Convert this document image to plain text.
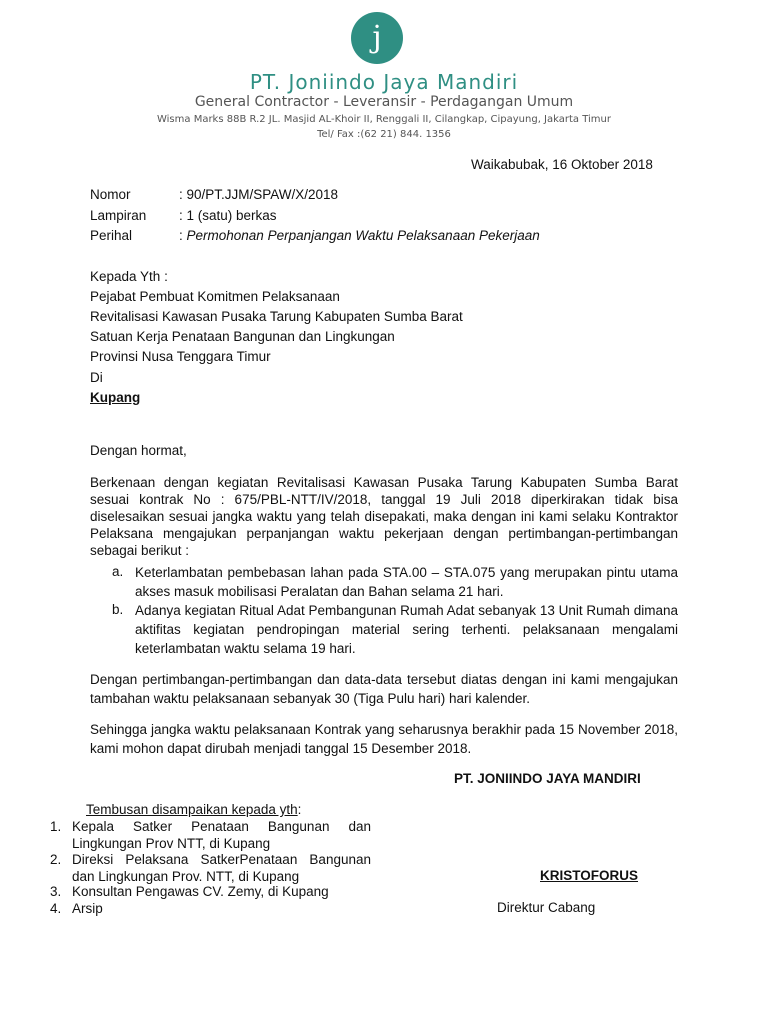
j
PT. Joniindo Jaya Mandiri
General Contractor - Leveransir - Perdagangan Umum
Wisma Marks 88B R.2 JL. Masjid AL-Khoir II, Renggali II, Cilangkap, Cipayung, Jakarta Timur
Tel/ Fax :(62 21) 844. 1356
Waikabubak, 16 Oktober 2018
Nomor	: 90/PT.JJM/SPAW/X/2018
Lampiran	: 1 (satu) berkas
Perihal	: Permohonan Perpanjangan Waktu Pelaksanaan Pekerjaan
Kepada Yth :
Pejabat Pembuat Komitmen Pelaksanaan
Revitalisasi Kawasan Pusaka Tarung Kabupaten Sumba Barat
Satuan Kerja Penataan Bangunan dan Lingkungan
Provinsi Nusa Tenggara Timur
Di
Kupang
Dengan hormat,
Berkenaan dengan kegiatan Revitalisasi Kawasan Pusaka Tarung Kabupaten Sumba Barat sesuai kontrak No : 675/PBL-NTT/IV/2018, tanggal 19 Juli 2018 diperkirakan tidak bisa diselesaikan sesuai jangka waktu yang telah disepakati, maka dengan ini kami selaku Kontraktor Pelaksana mengajukan perpanjangan waktu pekerjaan dengan pertimbangan-pertimbangan sebagai berikut :
a. Keterlambatan pembebasan lahan pada STA.00 – STA.075 yang merupakan pintu utama akses masuk mobilisasi Peralatan dan Bahan selama 21 hari.
b. Adanya kegiatan Ritual Adat Pembangunan Rumah Adat sebanyak 13 Unit Rumah dimana aktifitas kegiatan pendropingan material sering terhenti. pelaksanaan mengalami keterlambatan waktu selama 19 hari.
Dengan pertimbangan-pertimbangan dan data-data tersebut diatas dengan ini kami mengajukan tambahan waktu pelaksanaan sebanyak 30 (Tiga Pulu hari) hari kalender.
Sehingga jangka waktu pelaksanaan Kontrak yang seharusnya berakhir pada 15 November 2018, kami mohon dapat dirubah menjadi tanggal 15 Desember 2018.
PT. JONIINDO JAYA MANDIRI
Tembusan disampaikan kepada yth:
1. Kepala Satker Penataan Bangunan dan Lingkungan Prov NTT, di Kupang
2. Direksi Pelaksana SatkerPenataan Bangunan dan Lingkungan Prov. NTT, di Kupang
3. Konsultan Pengawas CV. Zemy, di Kupang
4. Arsip
KRISTOFORUS
Direktur Cabang
